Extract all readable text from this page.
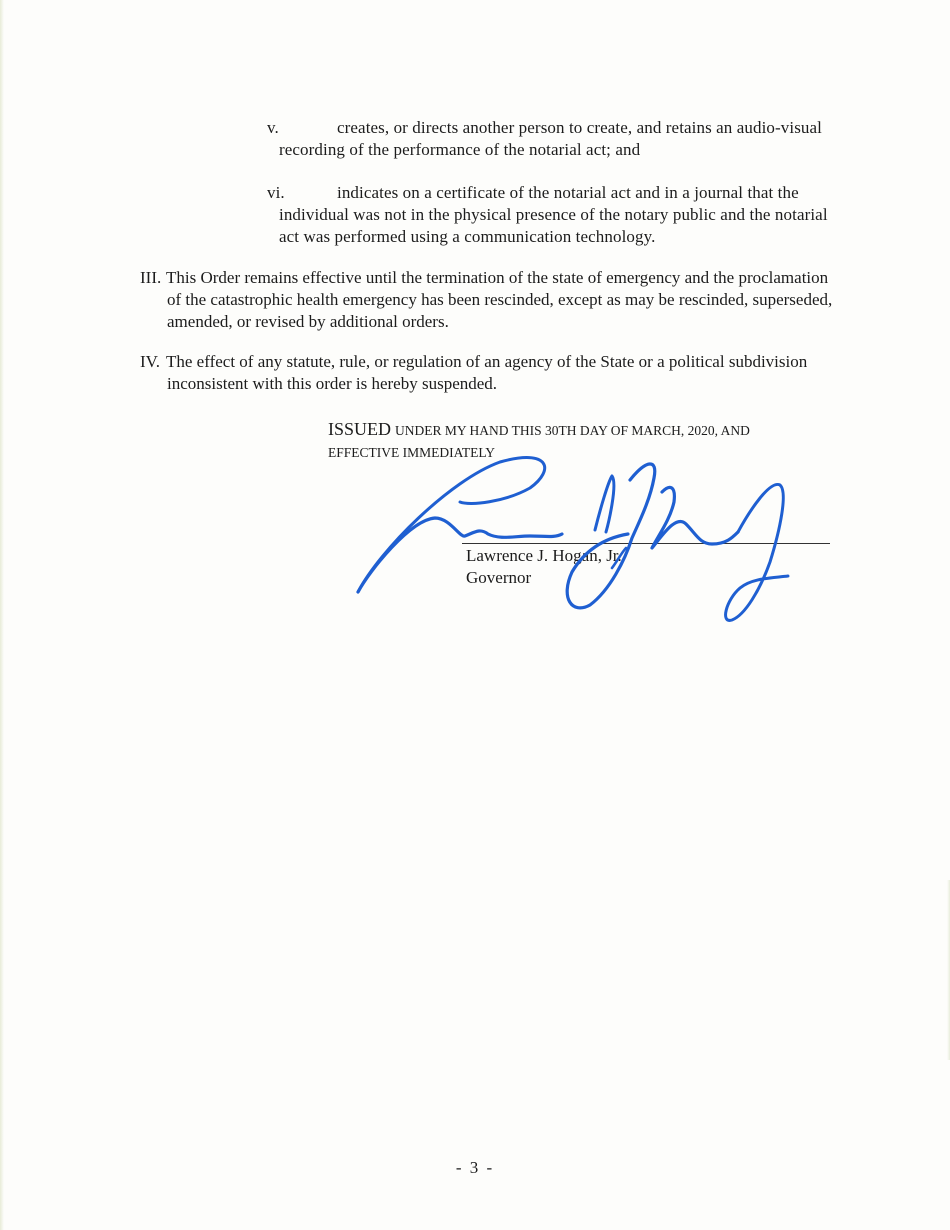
v.	creates, or directs another person to create, and retains an audio-visual recording of the performance of the notarial act; and
vi.	indicates on a certificate of the notarial act and in a journal that the individual was not in the physical presence of the notary public and the notarial act was performed using a communication technology.
III. This Order remains effective until the termination of the state of emergency and the proclamation of the catastrophic health emergency has been rescinded, except as may be rescinded, superseded, amended, or revised by additional orders.
IV. The effect of any statute, rule, or regulation of an agency of the State or a political subdivision inconsistent with this order is hereby suspended.
ISSUED UNDER MY HAND THIS 30TH DAY OF MARCH, 2020, AND EFFECTIVE IMMEDIATELY
Lawrence J. Hogan, Jr.
Governor
- 3 -
